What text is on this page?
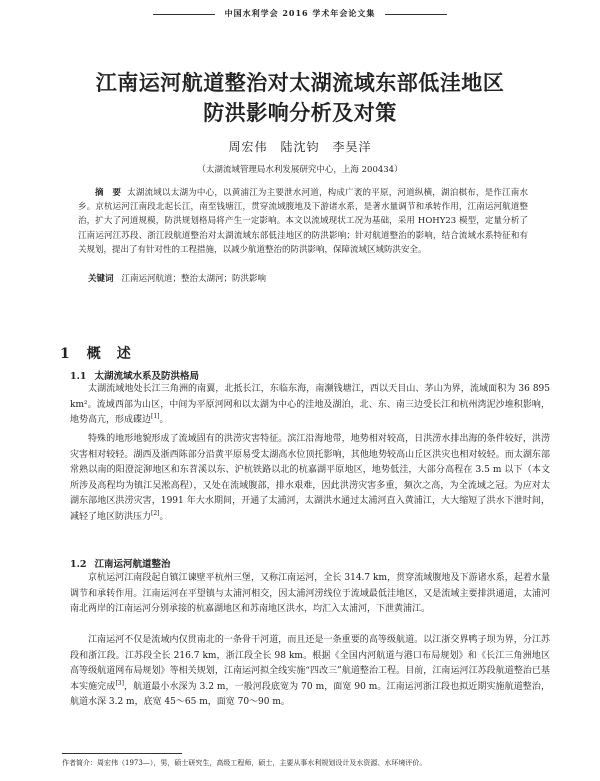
中国水利学会 2016 学术年会论文集
江南运河航道整治对太湖流域东部低洼地区
防洪影响分析及对策
周宏伟　陆沈钧　李昊洋
（太湖流域管理局水利发展研究中心，上海 200434）
摘　要 太湖流域以太湖为中心，以黄浦江为主要泄水河道，构成广袤的平原，河道纵横，湖泊棋布，是作江南水乡。京杭运河江南段北起长江，南至钱塘江，贯穿流域腹地及下游诸水系，是著水量调节和承转作用，江南运河航道整治，扩大了河道规模，防洪规划格局将产生一定影响。本文以流域现状工况为基础，采用 HOHY23 模型，定量分析了江南运河江苏段、浙江段航道整治对太湖流域东部低洼地区的防洪影响；针对航道整治的影响，结合流域水系特征和有关规划，提出了有针对性的工程措施，以减少航道整治的防洪影响，保障流域区域防洪安全。
关键词 江南运河航道；整治太湖河；防洪影响
1 概　述
1.1 太湖流域水系及防洪格局
太湖流域地处长江三角洲的南翼，北抵长江，东临东海，南濒钱塘江，西以天目山、茅山为界，流域面积为 36 895 km²。流域西部为山区，中间为平原河网和以太湖为中心的洼地及湖泊，北、东、南三边受长江和杭州湾泥沙堆积影响，地势高亢，形成碟边[1]。
特殊的地形地貌形成了流域固有的洪涝灾害特征。滨江沿海地带，地势相对较高，日洪涝水排出海的条件较好，洪涝灾害相对较轻。湖西及浙西陈部分沿黄平原易受太湖高水位顶托影响，其他地势较高山丘区洪灾也相对较轻。而太湖东部常熟以南的阳澄淀泖地区和东苕溪以东、沪杭铁路以北的杭嘉湖平原地区，地势低洼，大部分高程在 3.5 m 以下（本文所涉及高程均为镇江吴淞高程），又处在流域腹部，排水艰难，因此洪涝灾害多重，频次之高，为全流域之冠。为应对太湖东部地区洪涝灾害，1991 年大水期间，开通了太浦河，太湖洪水通过太浦河直入黄浦江，大大缩短了洪水下泄时间，减轻了地区防洪压力[2]。
1.2 江南运河航道整治
京杭运河江南段起自镇江谏壁平杭州三堡，又称江南运河，全长 314.7 km，贯穿流域腹地及下游诸水系，起着水量调节和承转作用。江南运河在平望镇与太浦河相交，因太浦河涝线位于流域最低洼地区，又是流域主要排洪通道，太浦河南北两岸的江南运河分别承接的杭嘉湖地区和苏南地区洪水，均汇入太浦河，下泄黄浦江。
江南运河不仅是流域内仅贯南北的一条骨干河道，而且还是一条重要的高等级航道。以江浙交界鸭子坝为界，分江苏段和浙江段。江苏段全长 216.7 km，浙江段全长 98 km。根据《全国内河航道与港口布局规划》和《长江三角洲地区高等级航道网布局规划》等相关规划，江南运河拟全线实施“四改三”航道整治工程。目前，江南运河江苏段航道整治已基本实施完成[3]，航道最小水深为 3.2 m，一般河段底宽为 70 m，面宽 90 m。江南运河浙江段也拟近期实施航道整治，航道水深 3.2 m，底宽 45～65 m，面宽 70～90 m。
作者简介：周宏伟（1973—），男，硕士研究生，高级工程师，硕士，主要从事水利规划设计及水资源、水环境评价。
